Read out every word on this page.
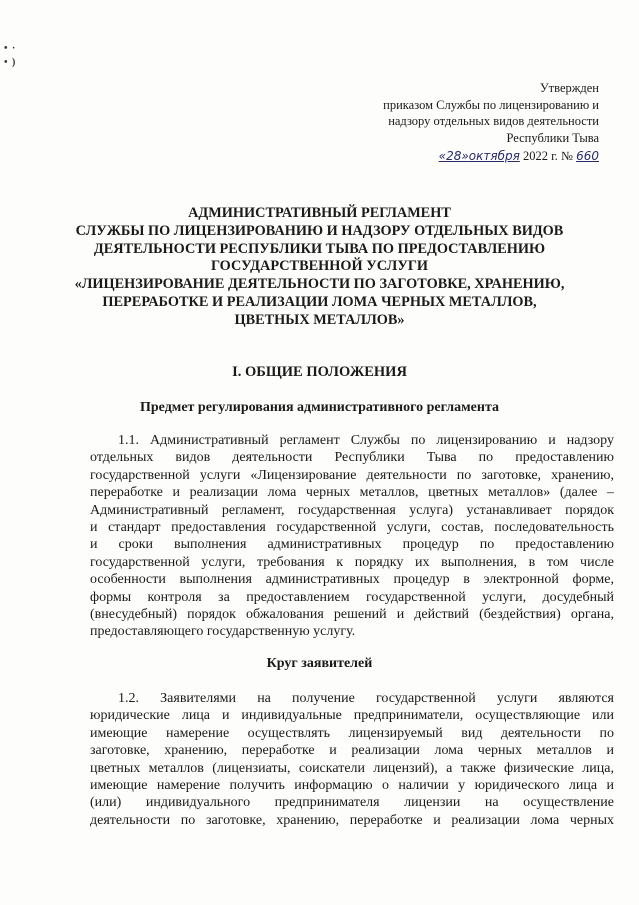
• ·
• )
Утвержден
приказом Службы по лицензированию и
надзору отдельных видов деятельности
Республики Тыва
«28»октября 2022 г. № 660
АДМИНИСТРАТИВНЫЙ РЕГЛАМЕНТ
СЛУЖБЫ ПО ЛИЦЕНЗИРОВАНИЮ И НАДЗОРУ ОТДЕЛЬНЫХ ВИДОВ
ДЕЯТЕЛЬНОСТИ РЕСПУБЛИКИ ТЫВА ПО ПРЕДОСТАВЛЕНИЮ
ГОСУДАРСТВЕННОЙ УСЛУГИ
«ЛИЦЕНЗИРОВАНИЕ ДЕЯТЕЛЬНОСТИ ПО ЗАГОТОВКЕ, ХРАНЕНИЮ,
ПЕРЕРАБОТКЕ И РЕАЛИЗАЦИИ ЛОМА ЧЕРНЫХ МЕТАЛЛОВ,
ЦВЕТНЫХ МЕТАЛЛОВ»
I. ОБЩИЕ ПОЛОЖЕНИЯ
Предмет регулирования административного регламента
1.1. Административный регламент Службы по лицензированию и надзору
отдельных видов деятельности Республики Тыва по предоставлению
государственной услуги «Лицензирование деятельности по заготовке, хранению,
переработке и реализации лома черных металлов, цветных металлов» (далее –
Административный регламент, государственная услуга) устанавливает порядок
и стандарт предоставления государственной услуги, состав, последовательность
и сроки выполнения административных процедур по предоставлению
государственной услуги, требования к порядку их выполнения, в том числе
особенности выполнения административных процедур в электронной форме,
формы контроля за предоставлением государственной услуги, досудебный
(внесудебный) порядок обжалования решений и действий (бездействия) органа,
предоставляющего государственную услугу.
Круг заявителей
1.2. Заявителями на получение государственной услуги являются
юридические лица и индивидуальные предприниматели, осуществляющие или
имеющие намерение осуществлять лицензируемый вид деятельности по
заготовке, хранению, переработке и реализации лома черных металлов и
цветных металлов (лицензиаты, соискатели лицензий), а также физические лица,
имеющие намерение получить информацию о наличии у юридического лица и
(или) индивидуального предпринимателя лицензии на осуществление
деятельности по заготовке, хранению, переработке и реализации лома черных
